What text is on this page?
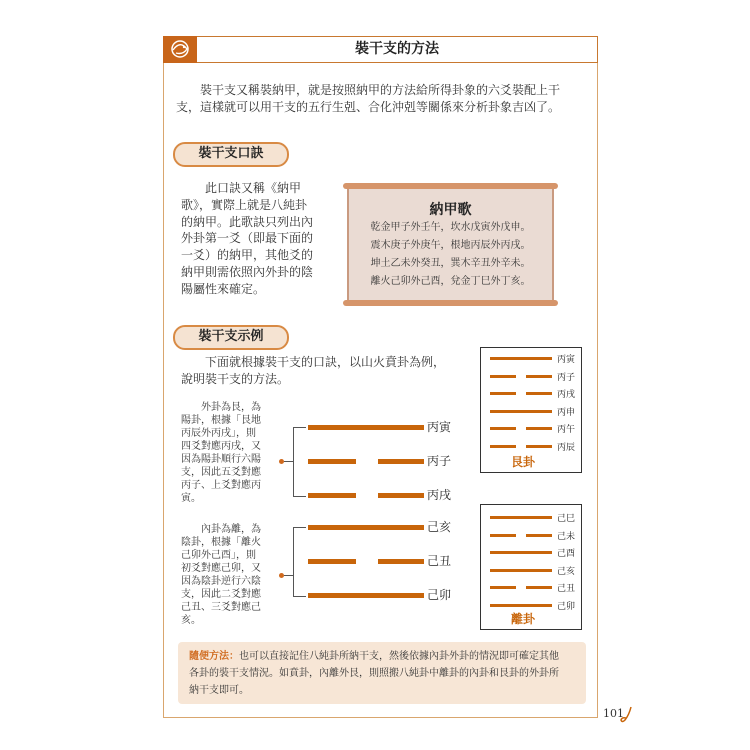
裝干支的方法
　　裝干支又稱裝納甲，就是按照納甲的方法給所得卦象的六爻裝配上干
支，這樣就可以用干支的五行生剋、合化沖剋等關係來分析卦象吉凶了。
裝干支口訣
　　此口訣又稱《納甲
歌》，實際上就是八純卦
的納甲。此歌訣只列出內
外卦第一爻（即最下面的
一爻）的納甲，其他爻的
納甲則需依照內外卦的陰
陽屬性來確定。
納甲歌
乾金甲子外壬午，坎水戊寅外戊申。
震木庚子外庚午，根地丙辰外丙戌。
坤土乙未外癸丑，巽木辛丑外辛未。
離火己卯外己酉，兌金丁巳外丁亥。
裝干支示例
　　下面就根據裝干支的口訣，以山火賁卦為例，
說明裝干支的方法。
　　外卦為艮，為
陽卦，根據「艮地
丙辰外丙戌」，則
四爻對應丙戌，又
因為陽卦順行六陽
支，因此五爻對應
丙子、上爻對應丙
寅。
　　內卦為離，為
陰卦，根據「離火
己卯外己酉」，則
初爻對應己卯，又
因為陰卦逆行六陰
支，因此二爻對應
己丑、三爻對應己
亥。
丙寅
丙子
丙戌
己亥
己丑
己卯
丙寅
丙子
丙戌
丙申
丙午
丙辰
艮卦
己巳
己未
己酉
己亥
己丑
己卯
離卦
隨便方法：也可以直接記住八純卦所納干支，然後依據內卦外卦的情況即可確定其他
各卦的裝干支情況。如賁卦，內離外艮，則照搬八純卦中離卦的內卦和艮卦的外卦所
納干支即可。
101
